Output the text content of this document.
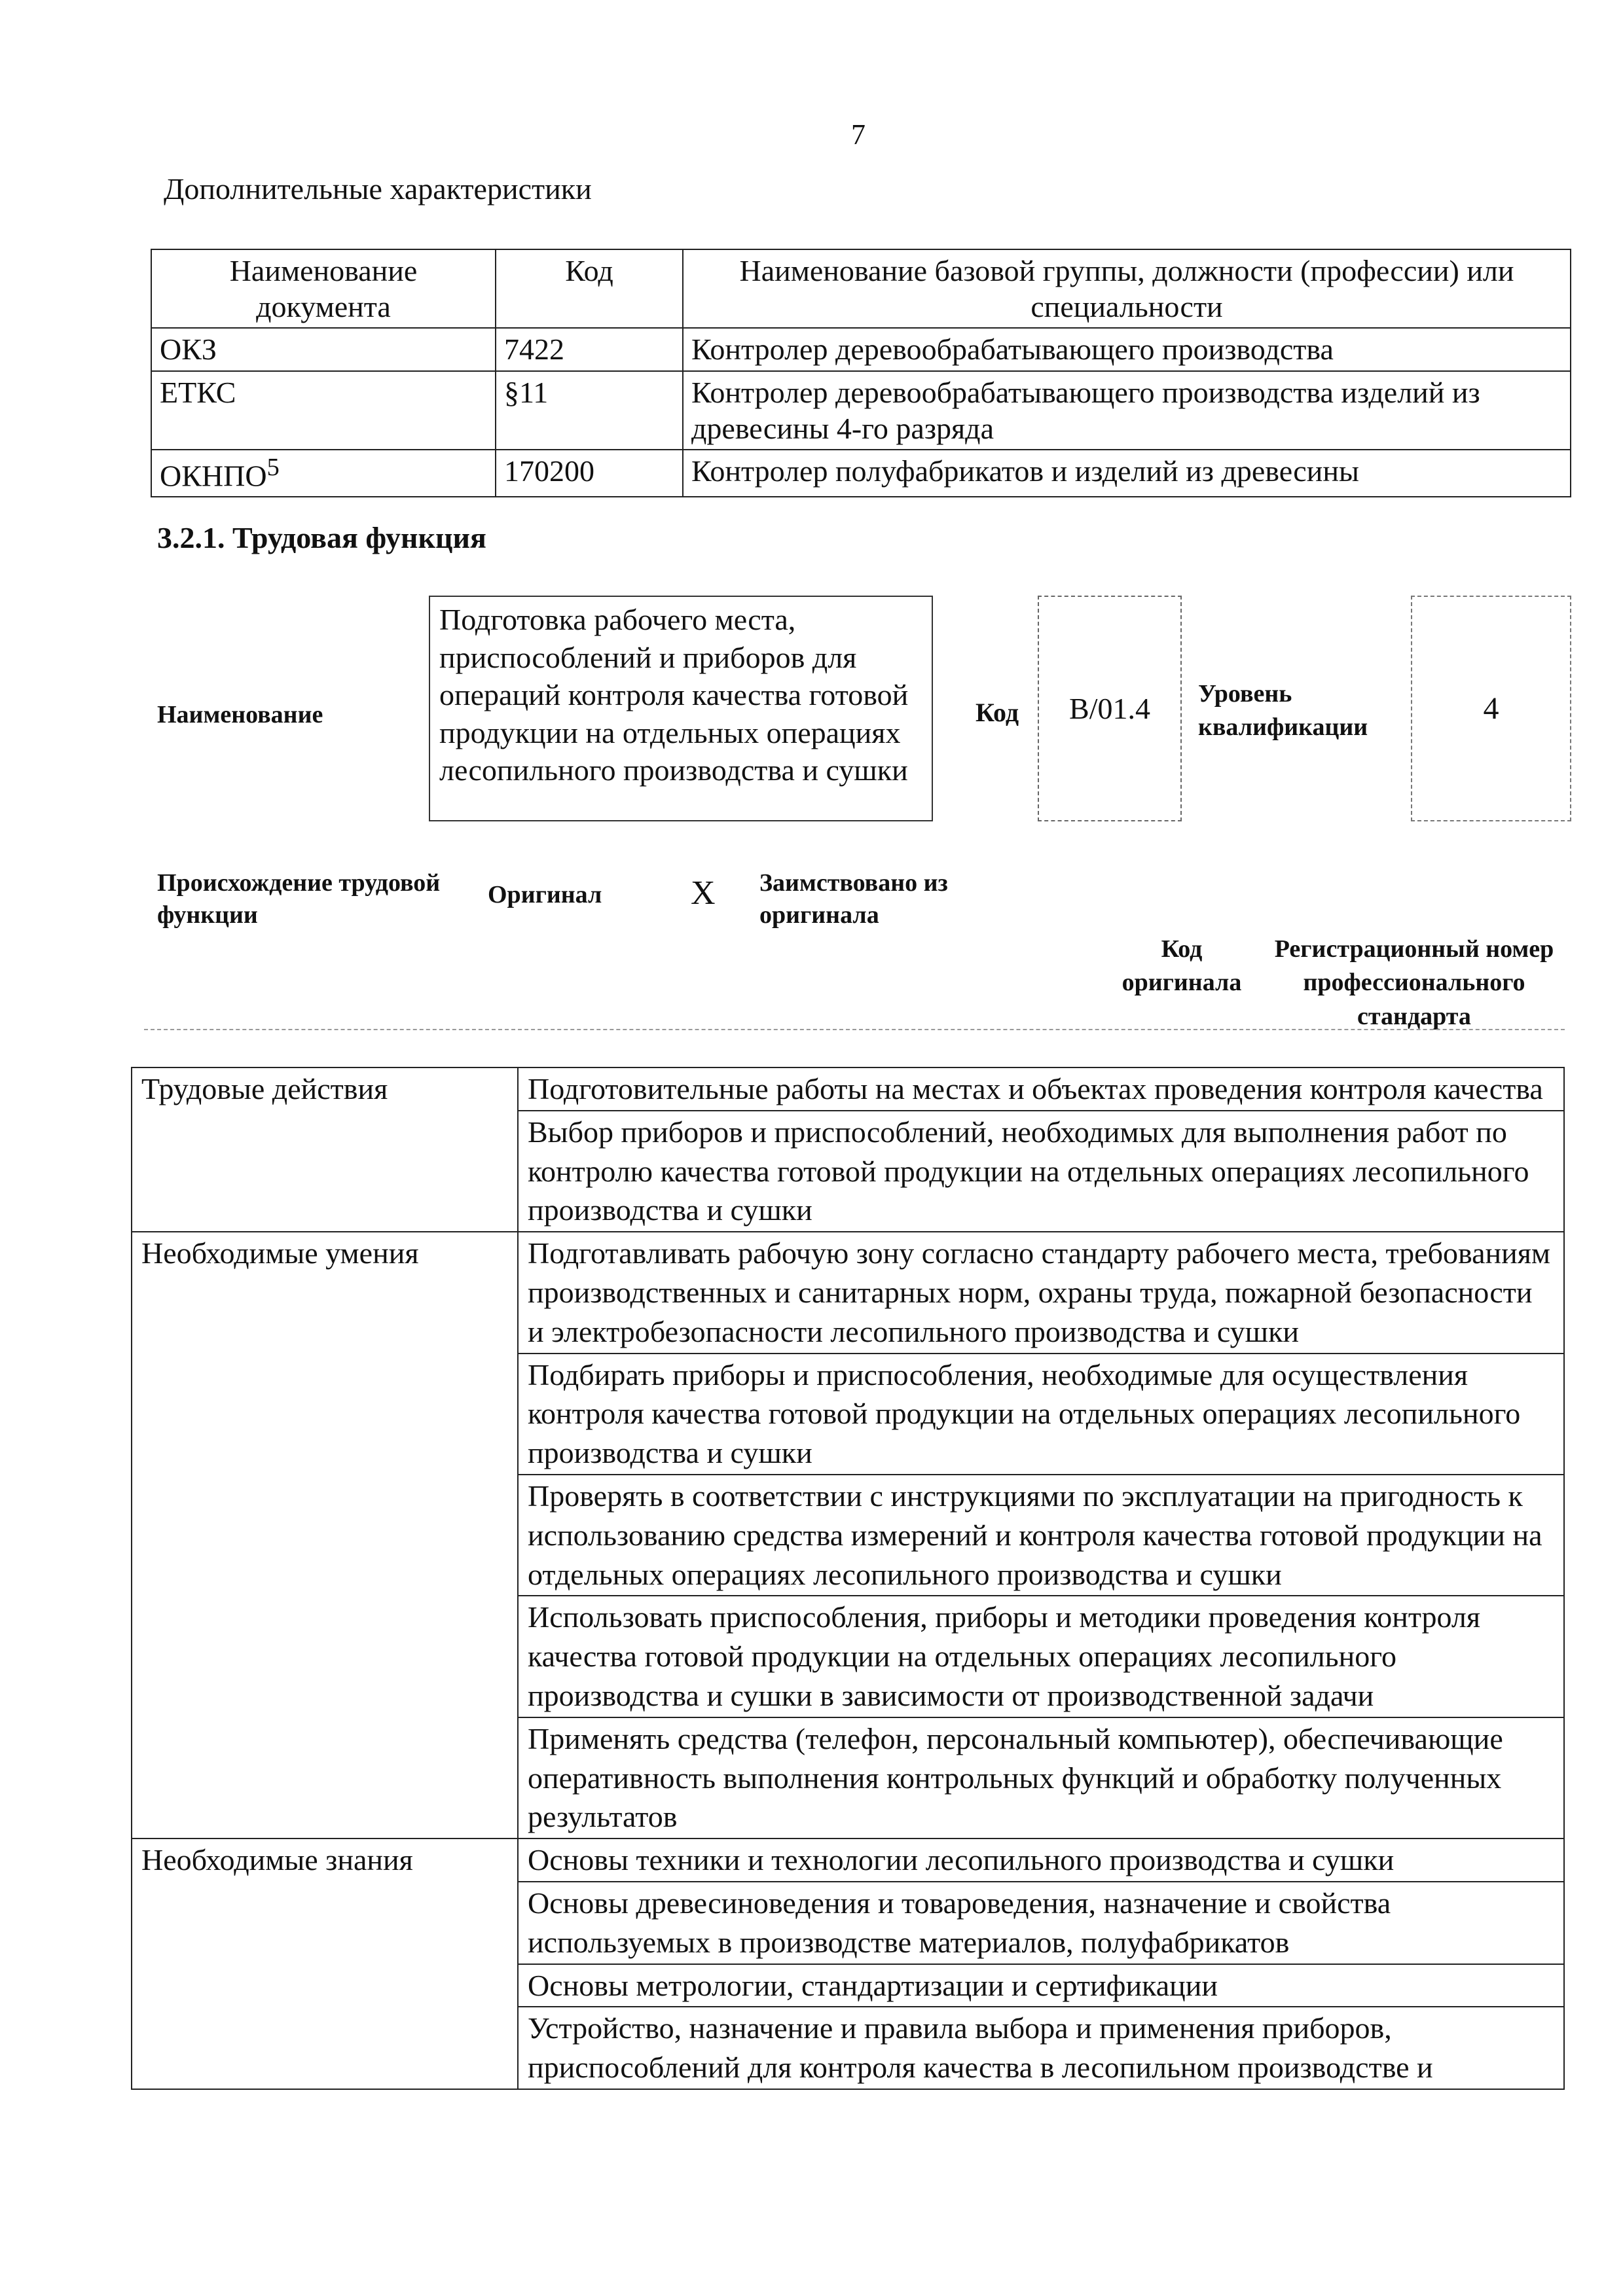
7
Дополнительные характеристики
Наименование документа	Код	Наименование базовой группы, должности (профессии) или специальности
ОКЗ	7422	Контролер деревообрабатывающего производства
ЕТКС	§11	Контролер деревообрабатывающего производства изделий из древесины 4-го разряда
ОКНПО$^5$	170200	Контролер полуфабрикатов и изделий из древесины
3.2.1. Трудовая функция
Наименование
Подготовка рабочего места, приспособлений и приборов для операций контроля качества готовой продукции на отдельных операциях лесопильного производства и сушки
Код	B/01.4	Уровень квалификации
4
Происхождение трудовой функции
Оригинал	X Заимствовано из оригинала
Код оригинала
Регистрационный номер профессионального стандарта
Трудовые действия	Подготовительные работы на местах и объектах проведения контроля качества
	Выбор приборов и приспособлений, необходимых для выполнения работ по контролю качества готовой продукции на отдельных операциях лесопильного производства и сушки
Необходимые умения	Подготавливать рабочую зону согласно стандарту рабочего места, требованиям производственных и санитарных норм, охраны труда, пожарной безопасности и электробезопасности лесопильного производства и сушки
	Подбирать приборы и приспособления, необходимые для осуществления контроля качества готовой продукции на отдельных операциях лесопильного производства и сушки
	Проверять в соответствии с инструкциями по эксплуатации на пригодность к использованию средства измерений и контроля качества готовой продукции на отдельных операциях лесопильного производства и сушки
	Использовать приспособления, приборы и методики проведения контроля качества готовой продукции на отдельных операциях лесопильного производства и сушки в зависимости от производственной задачи
	Применять средства (телефон, персональный компьютер), обеспечивающие оперативность выполнения контрольных функций и обработку полученных результатов
Необходимые знания	Основы техники и технологии лесопильного производства и сушки
	Основы древесиноведения и товароведения, назначение и свойства используемых в производстве материалов, полуфабрикатов
	Основы метрологии, стандартизации и сертификации
	Устройство, назначение и правила выбора и применения приборов, приспособлений для контроля качества в лесопильном производстве и
